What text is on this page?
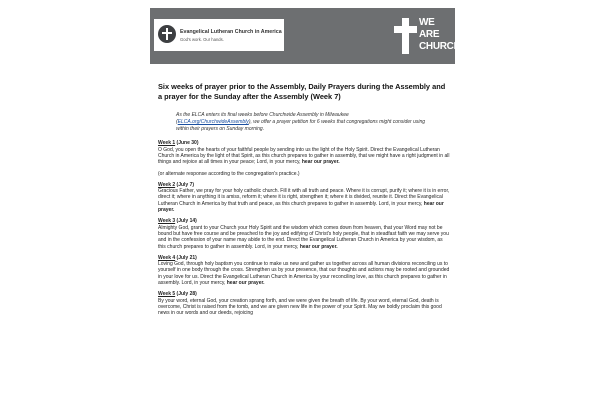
Evangelical Lutheran Church in America
God's work. Our hands.
WE
ARE
CHURCH
Six weeks of prayer prior to the Assembly, Daily Prayers during the Assembly and a prayer for the Sunday after the Assembly (Week 7)
As the ELCA enters its final weeks before Churchwide Assembly in Milwaukee (ELCA.org/ChurchwideAssembly), we offer a prayer petition for 6 weeks that congregations might consider using within their prayers on Sunday morning.
Week 1 (June 30)
O God, you open the hearts of your faithful people by sending into us the light of the Holy Spirit. Direct the Evangelical Lutheran Church in America by the light of that Spirit, as this church prepares to gather in assembly, that we might have a right judgment in all things and rejoice at all times in your peace; Lord, in your mercy, hear our prayer.
(or alternate response according to the congregation's practice.)
Week 2 (July 7)
Gracious Father, we pray for your holy catholic church. Fill it with all truth and peace. Where it is corrupt, purify it; where it is in error, direct it; where in anything it is amiss, reform it; where it is right, strengthen it; where it is divided, reunite it. Direct the Evangelical Lutheran Church in America by that truth and peace, as this church prepares to gather in assembly. Lord, in your mercy, hear our prayer.
Week 3 (July 14)
Almighty God, grant to your Church your Holy Spirit and the wisdom which comes down from heaven, that your Word may not be bound but have free course and be preached to the joy and edifying of Christ's holy people, that in steadfast faith we may serve you and in the confession of your name may abide to the end. Direct the Evangelical Lutheran Church in America by your wisdom, as this church prepares to gather in assembly. Lord, in your mercy, hear our prayer.
Week 4 (July 21)
Loving God, through holy baptism you continue to make us new and gather us together across all human divisions reconciling us to yourself in one body through the cross. Strengthen us by your presence, that our thoughts and actions may be rooted and grounded in your love for us. Direct the Evangelical Lutheran Church in America by your reconciling love, as this church prepares to gather in assembly. Lord, in your mercy, hear our prayer.
Week 5 (July 28)
By your word, eternal God, your creation sprang forth, and we were given the breath of life. By your word, eternal God, death is overcome, Christ is raised from the tomb, and we are given new life in the power of your Spirit. May we boldly proclaim this good news in our words and our deeds, rejoicing
